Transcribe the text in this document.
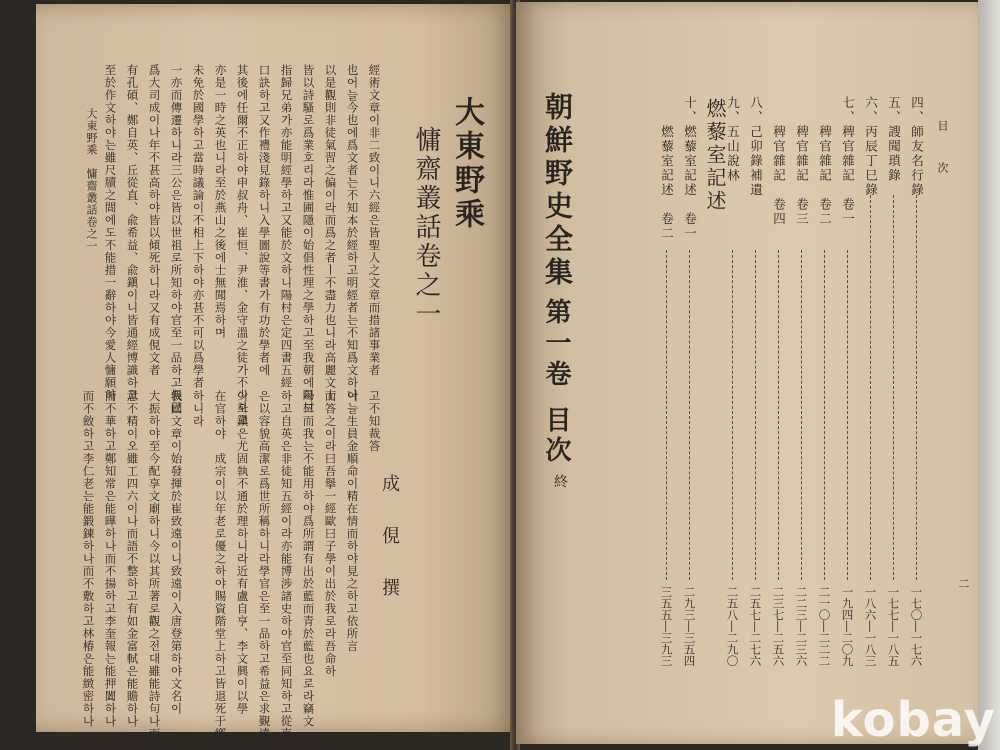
經術文章이非二致이니六經은皆聖人之文章而措諸事業者
也어늘今也에爲文者는不知本於經하고明經者는不知爲文하나
以是觀則非徒氣習之偏이라而爲之者ㅣ不盡力也니라高麗文士
皆以詩騷로爲業호리라惟圃隱이始倡性理之學하고至我朝에陽村
指歸兄弟가亦能明經學하고又能於文하니陽村은定四書五經
口訣하고又作禮淺見錄하니入學圖說等書가有功於學者에
其後에任爾不正하야申叔舟、崔恒、尹淮、金守溫之徒가不少하고
亦是一時之英也니라至於燕山之後에士無聞焉하며
未免於國學하고當時議論이不相上下하야亦甚不可以爲學者
一亦而傳遷하니라三公은皆以世祖로所知하야官至一品하고俱已
爲大司成이나年不甚高하야皆以傾死하니라又有成俔文者
有孔碩、鄭自英、丘從直、兪希益、兪鎭이니皆通經博識하고
至於作文하야는雖尺牘之間에도不能措一辭하야今愛人慵願하
고不知裁答
어늘生員金順命이精在情而하야見之하고依所言
而答之이라曰吾擧一經歐曰子學이出於我로라吾命하
하고而我는不能用하야爲所謂有出於藍而青於藍也요로라竊文
하고自英은非徒知五經이라亦能博涉諸史하야官至同知하고從直
은以容貌高潔로爲世所稱하니라學官은至一品하고希益은求覲達
이오鎭은尤固執不通於理하니라近有盧自亨、李文興이以學
在官하야　成宗이以年老로優之하야賜資階堂上하고皆退死于鄕
하니라
我國文章이始發揮於崔致遠이니致遠이入唐登第하야文名이
大振하야至今配享文廟하니今以其所著로觀之전대雖能詩句나而
意不精이오雖工四六이나而語不整하고有如金富軾은能贍하나
而不華하고鄭知常은能曄하나而不揚하고李奎報는能押闔하나
而不斂하고李仁老는能鍛鍊하나而不敷하고林椿은能緻密하나
大東野乘
慵齋叢話卷之一
成　俔　撰
大東野乘　慵齋叢話卷之一	朝鮮野史全集
第一卷
目次
終
目　次
二
四、師友名行錄
一七〇―一七六
五、謏聞瑣錄
一七七―一八五
六、丙辰丁巳錄
一八六―一八三
七、稗官雜記　卷一
一九四―二〇九
　　稗官雜記　卷二
二一〇―二二二
　　稗官雜記　卷三
二二三―二三六
　　稗官雜記　卷四
二三七―二五六
八、己卯錄補遺
二五七―二七六
九、五山說林
二五八―二九〇
十、燃藜室記述　卷一
二九三―三五四
　　燃藜室記述　卷二
三五五―三九三
燃藜室記述
kobay
